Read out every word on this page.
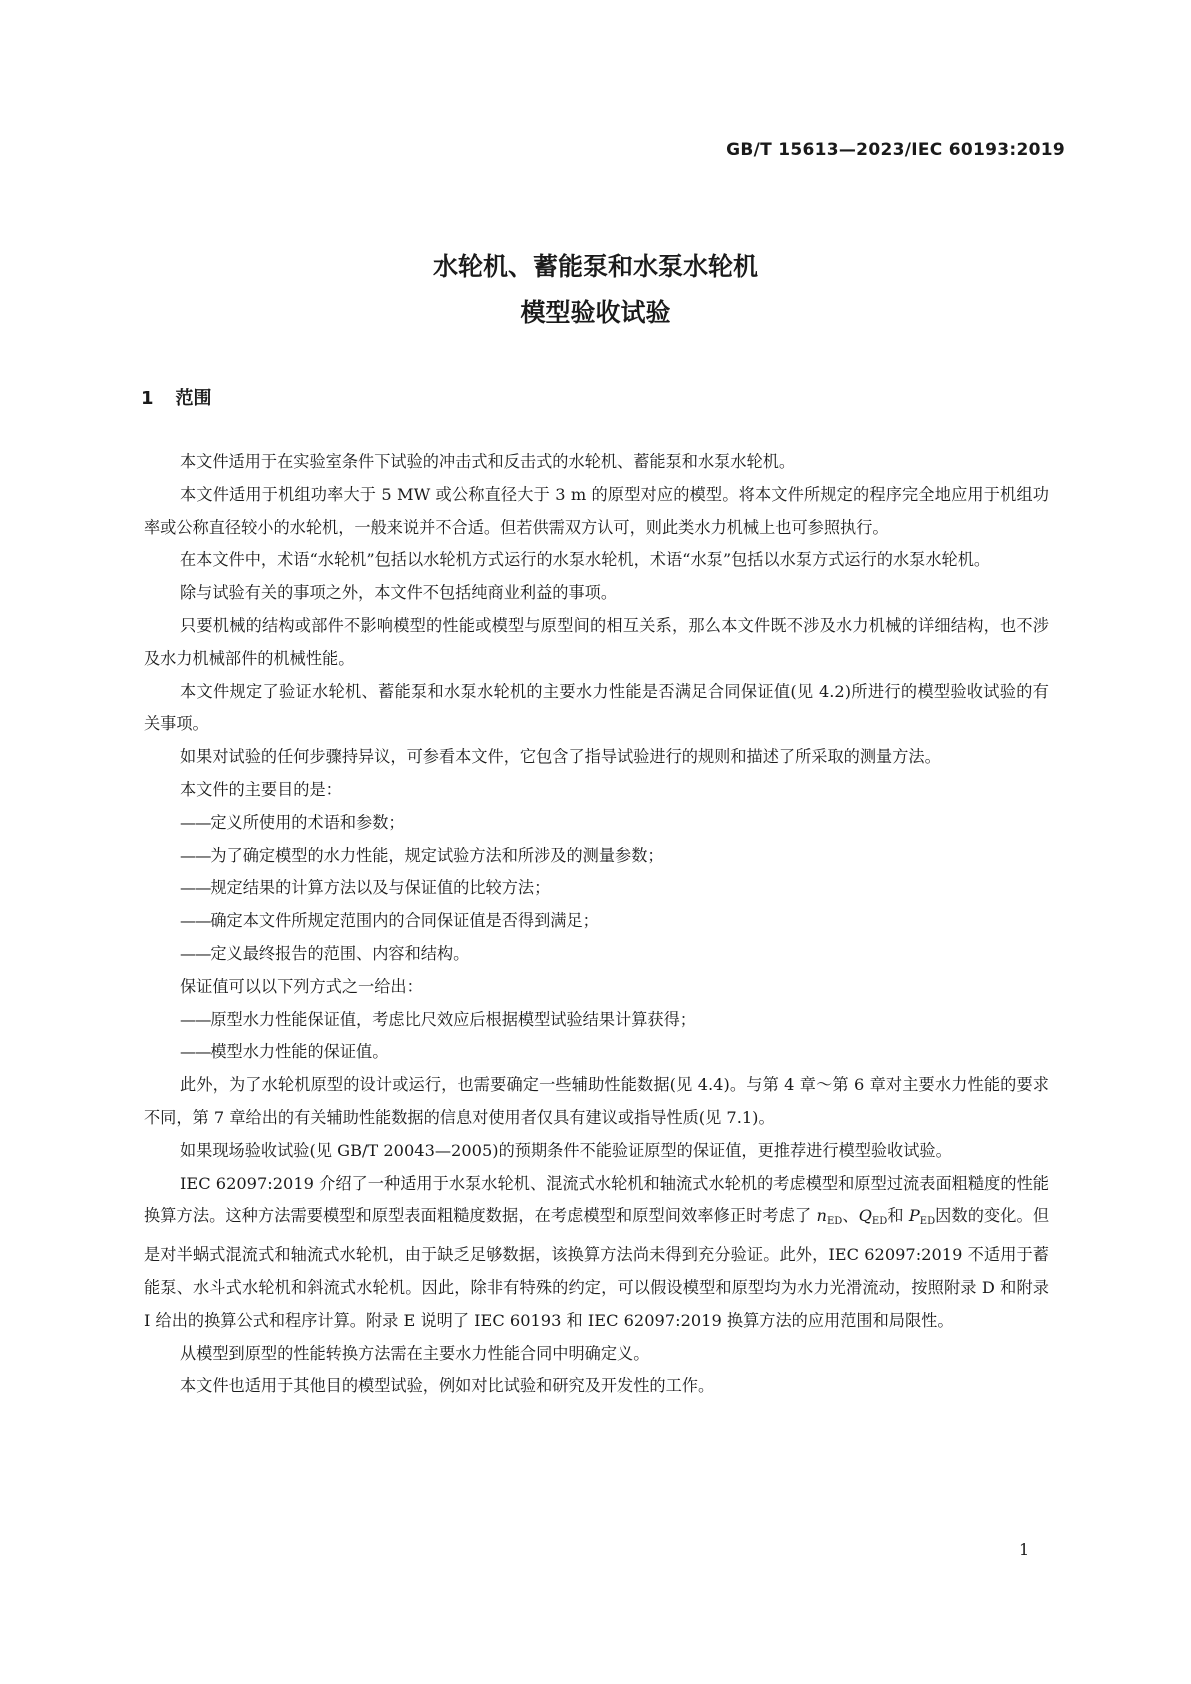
GB/T 15613—2023/IEC 60193:2019
水轮机、蓄能泵和水泵水轮机
模型验收试验
1 范围

本文件适用于在实验室条件下试验的冲击式和反击式的水轮机、蓄能泵和水泵水轮机。

本文件适用于机组功率大于 5 MW 或公称直径大于 3 m 的原型对应的模型。将本文件所规定的程序完全地应用于机组功率或公称直径较小的水轮机，一般来说并不合适。但若供需双方认可，则此类水力机械上也可参照执行。

在本文件中，术语“水轮机”包括以水轮机方式运行的水泵水轮机，术语“水泵”包括以水泵方式运行的水泵水轮机。

除与试验有关的事项之外，本文件不包括纯商业利益的事项。

只要机械的结构或部件不影响模型的性能或模型与原型间的相互关系，那么本文件既不涉及水力机械的详细结构，也不涉及水力机械部件的机械性能。

本文件规定了验证水轮机、蓄能泵和水泵水轮机的主要水力性能是否满足合同保证值(见 4.2)所进行的模型验收试验的有关事项。

如果对试验的任何步骤持异议，可参看本文件，它包含了指导试验进行的规则和描述了所采取的测量方法。

本文件的主要目的是：

—— 定义所使用的术语和参数；

—— 为了确定模型的水力性能，规定试验方法和所涉及的测量参数；

—— 规定结果的计算方法以及与保证值的比较方法；

—— 确定本文件所规定范围内的合同保证值是否得到满足；

—— 定义最终报告的范围、内容和结构。

保证值可以以下列方式之一给出：

—— 原型水力性能保证值，考虑比尺效应后根据模型试验结果计算获得；

—— 模型水力性能的保证值。

此外，为了水轮机原型的设计或运行，也需要确定一些辅助性能数据(见 4.4)。与第 4 章～第 6 章对主要水力性能的要求不同，第 7 章给出的有关辅助性能数据的信息对使用者仅具有建议或指导性质(见 7.1)。

如果现场验收试验(见 GB/T 20043—2005)的预期条件不能验证原型的保证值，更推荐进行模型验收试验。

IEC 62097:2019 介绍了一种适用于水泵水轮机、混流式水轮机和轴流式水轮机的考虑模型和原型过流表面粗糙度的性能换算方法。这种方法需要模型和原型表面粗糙度数据，在考虑模型和原型间效率修正时考虑了 $n_{ED}$、$Q_{ED}$和 $P_{ED}$因数的变化。但是对半蜗式混流式和轴流式水轮机，由于缺乏足够数据，该换算方法尚未得到充分验证。此外，IEC 62097:2019 不适用于蓄能泵、水斗式水轮机和斜流式水轮机。因此，除非有特殊的约定，可以假设模型和原型均为水力光滑流动，按照附录 D 和附录 I 给出的换算公式和程序计算。附录 E 说明了 IEC 60193 和 IEC 62097:2019 换算方法的应用范围和局限性。

从模型到原型的性能转换方法需在主要水力性能合同中明确定义。

本文件也适用于其他目的模型试验，例如对比试验和研究及开发性的工作。

1
